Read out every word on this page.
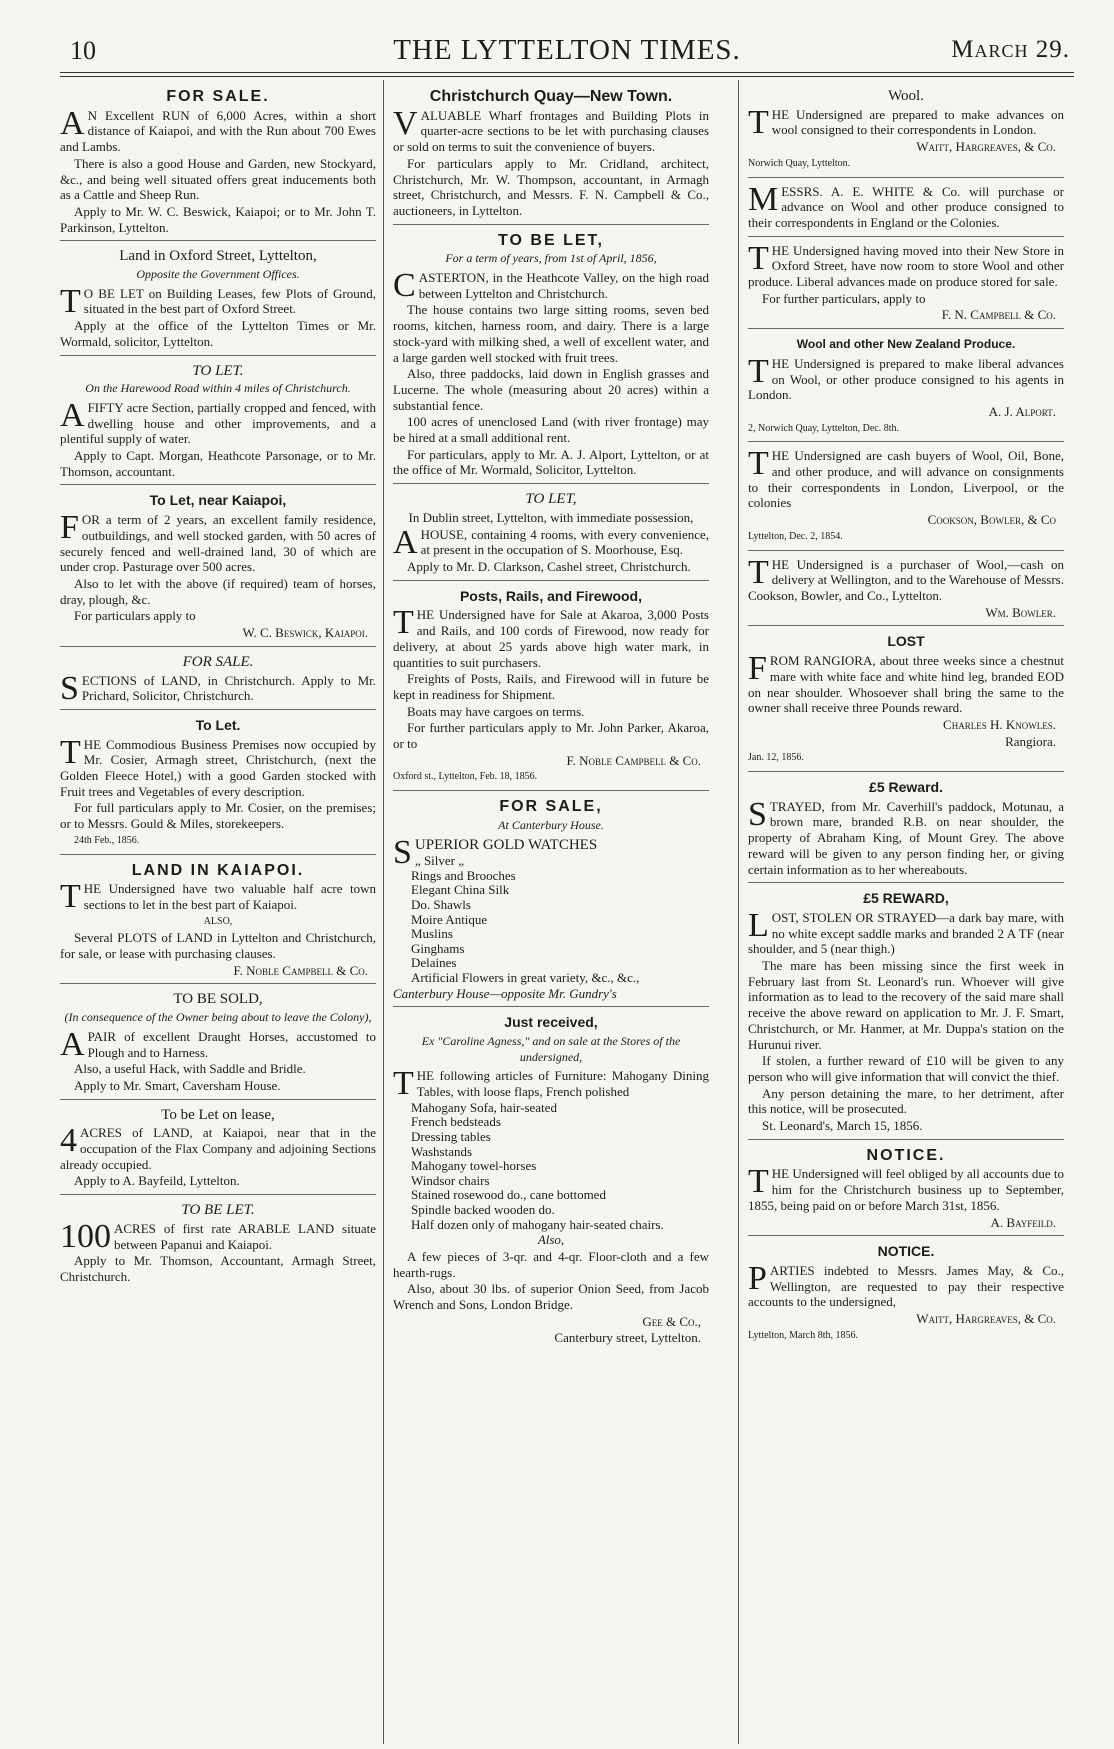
10	THE LYTTELTON TIMES.	March 29.
FOR SALE.

A N Excellent RUN of 6,000 Acres, within a short distance of Kaiapoi, and with the Run about 700 Ewes and Lambs.

There is also a good House and Garden, new Stockyard, &c., and being well situated offers great inducements both as a Cattle and Sheep Run.

Apply to Mr. W. C. Beswick, Kaiapoi; or to Mr. John T. Parkinson, Lyttelton.

Land in Oxford Street, Lyttelton,
Opposite the Government Offices.

T O BE LET on Building Leases, few Plots of Ground, situated in the best part of Oxford Street.

Apply at the office of the Lyttelton Times or Mr. Wormald, solicitor, Lyttelton.

TO LET.
On the Harewood Road within 4 miles of Christchurch.

AFIFTY acre Section, partially cropped and fenced, with dwelling house and other improvements, and a plentiful supply of water.

Apply to Capt. Morgan, Heathcote Parsonage, or to Mr. Thomson, accountant.

To Let, near Kaiapoi,

FOR a term of 2 years, an excellent family residence, outbuildings, and well stocked garden, with 50 acres of securely fenced and well-drained land, 30 of which are under crop. Pasturage over 500 acres.

Also to let with the above (if required) team of horses, dray, plough, &c.

For particulars apply to

W. C. Beswick, Kaiapoi.

FOR SALE.

SECTIONS of LAND, in Christchurch. Apply to Mr. Prichard, Solicitor, Christchurch.

To Let.

THE Commodious Business Premises now occupied by Mr. Cosier, Armagh street, Christchurch, (next the Golden Fleece Hotel,) with a good Garden stocked with Fruit trees and Vegetables of every description.

For full particulars apply to Mr. Cosier, on the premises; or to Messrs. Gould & Miles, storekeepers.

24th Feb., 1856.

LAND IN KAIAPOI.

THE Undersigned have two valuable half acre town sections to let in the best part of Kaiapoi.

ALSO,

Several PLOTS of LAND in Lyttelton and Christchurch, for sale, or lease with purchasing clauses.

F. Noble Campbell & Co.

TO BE SOLD,
(In consequence of the Owner being about to leave the Colony),

APAIR of excellent Draught Horses, accustomed to Plough and to Harness.

Also, a useful Hack, with Saddle and Bridle.

Apply to Mr. Smart, Caversham House.

To be Let on lease,

4 ACRES of LAND, at Kaiapoi, near that in the occupation of the Flax Company and adjoining Sections already occupied.

Apply to A. Bayfeild, Lyttelton.

TO BE LET.

100 ACRES of first rate ARABLE LAND situate between Papanui and Kaiapoi.

Apply to Mr. Thomson, Accountant, Armagh Street, Christchurch.

Christchurch Quay—New Town.

VALUABLE Wharf frontages and Building Plots in quarter-acre sections to be let with purchasing clauses or sold on terms to suit the convenience of buyers.

For particulars apply to Mr. Cridland, architect, Christchurch, Mr. W. Thompson, accountant, in Armagh street, Christchurch, and Messrs. F. N. Campbell & Co., auctioneers, in Lyttelton.

TO BE LET,
For a term of years, from 1st of April, 1856,

CASTERTON, in the Heathcote Valley, on the high road between Lyttelton and Christchurch.

The house contains two large sitting rooms, seven bed rooms, kitchen, harness room, and dairy. There is a large stock-yard with milking shed, a well of excellent water, and a large garden well stocked with fruit trees.

Also, three paddocks, laid down in English grasses and Lucerne. The whole (measuring about 20 acres) within a substantial fence.

100 acres of unenclosed Land (with river frontage) may be hired at a small additional rent.

For particulars, apply to Mr. A. J. Alport, Lyttelton, or at the office of Mr. Wormald, Solicitor, Lyttelton.

TO LET,

In Dublin street, Lyttelton, with immediate possession,

AHOUSE, containing 4 rooms, with every convenience, at present in the occupation of S. Moorhouse, Esq.

Apply to Mr. D. Clarkson, Cashel street, Christchurch.

Posts, Rails, and Firewood,

THE Undersigned have for Sale at Akaroa, 3,000 Posts and Rails, and 100 cords of Firewood, now ready for delivery, at about 25 yards above high water mark, in quantities to suit purchasers.

Freights of Posts, Rails, and Firewood will in future be kept in readiness for Shipment.

Boats may have cargoes on terms.

For further particulars apply to Mr. John Parker, Akaroa, or to

F. Noble Campbell & Co.

Oxford st., Lyttelton, Feb. 18, 1856.

FOR SALE,
At Canterbury House.

SUPERIOR GOLD WATCHES

„ Silver „
Rings and Brooches
Elegant China Silk
Do. Shawls
Moire Antique
Muslins
Ginghams
Delaines
Artificial Flowers in great variety, &c., &c.,

Canterbury House—opposite Mr. Gundry's

Just received,
Ex "Caroline Agness," and on sale at the Stores of the undersigned,

THE following articles of Furniture: Mahogany Dining Tables, with loose flaps, French polished

Mahogany Sofa, hair-seated
French bedsteads
Dressing tables
Washstands
Mahogany towel-horses
Windsor chairs
Stained rosewood do., cane bottomed
Spindle backed wooden do.
Half dozen only of mahogany hair-seated chairs.

Also,

A few pieces of 3-qr. and 4-qr. Floor-cloth and a few hearth-rugs.

Also, about 30 lbs. of superior Onion Seed, from Jacob Wrench and Sons, London Bridge.

Gee & Co.,

Canterbury street, Lyttelton.

Wool.

THE Undersigned are prepared to make advances on wool consigned to their correspondents in London.

Waitt, Hargreaves, & Co.

Norwich Quay, Lyttelton.

MESSRS. A. E. WHITE & Co. will purchase or advance on Wool and other produce consigned to their correspondents in England or the Colonies.

THE Undersigned having moved into their New Store in Oxford Street, have now room to store Wool and other produce. Liberal advances made on produce stored for sale.

For further particulars, apply to

F. N. Campbell & Co.

Wool and other New Zealand Produce.

THE Undersigned is prepared to make liberal advances on Wool, or other produce consigned to his agents in London.

A. J. Alport.

2, Norwich Quay, Lyttelton, Dec. 8th.

THE Undersigned are cash buyers of Wool, Oil, Bone, and other produce, and will advance on consignments to their correspondents in London, Liverpool, or the colonies

Cookson, Bowler, & Co

Lyttelton, Dec. 2, 1854.

THE Undersigned is a purchaser of Wool,—cash on delivery at Wellington, and to the Warehouse of Messrs. Cookson, Bowler, and Co., Lyttelton.

Wm. Bowler.

LOST

FROM RANGIORA, about three weeks since a chestnut mare with white face and white hind leg, branded EOD on near shoulder. Whosoever shall bring the same to the owner shall receive three Pounds reward.

Charles H. Knowles.

Rangiora.

Jan. 12, 1856.

£5 Reward.

STRAYED, from Mr. Caverhill's paddock, Motunau, a brown mare, branded R.B. on near shoulder, the property of Abraham King, of Mount Grey. The above reward will be given to any person finding her, or giving certain information as to her whereabouts.

£5 REWARD,

LOST, STOLEN OR STRAYED—a dark bay mare, with no white except saddle marks and branded 2 A TF (near shoulder, and 5 (near thigh.)

The mare has been missing since the first week in February last from St. Leonard's run. Whoever will give information as to lead to the recovery of the said mare shall receive the above reward on application to Mr. J. F. Smart, Christchurch, or Mr. Hanmer, at Mr. Duppa's station on the Hurunui river.

If stolen, a further reward of £10 will be given to any person who will give information that will convict the thief.

Any person detaining the mare, to her detriment, after this notice, will be prosecuted.

St. Leonard's, March 15, 1856.

NOTICE.

THE Undersigned will feel obliged by all accounts due to him for the Christchurch business up to September, 1855, being paid on or before March 31st, 1856.

A. Bayfeild.

NOTICE.

PARTIES indebted to Messrs. James May, & Co., Wellington, are requested to pay their respective accounts to the undersigned,

Waitt, Hargreaves, & Co.

Lyttelton, March 8th, 1856.
